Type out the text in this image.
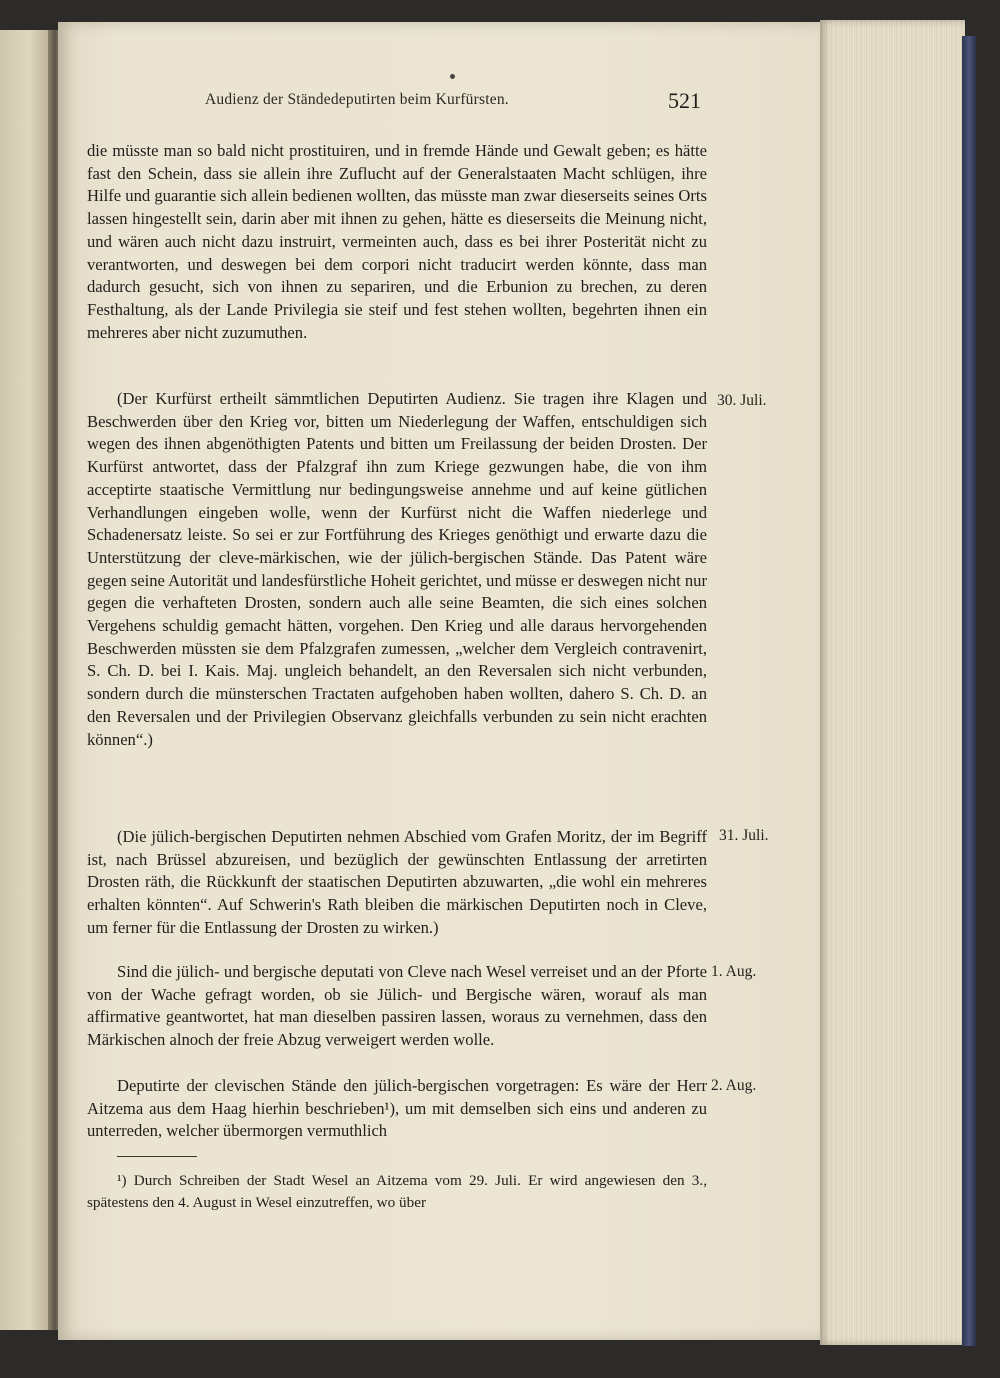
Audienz der Ständedeputirten beim Kurfürsten.	521

die müsste man so bald nicht prostituiren, und in fremde Hände und Gewalt geben; es hätte fast den Schein, dass sie allein ihre Zuflucht auf der Generalstaaten Macht schlügen, ihre Hilfe und guarantie sich allein bedienen wollten, das müsste man zwar dieserseits seines Orts lassen hingestellt sein, darin aber mit ihnen zu gehen, hätte es dieserseits die Meinung nicht, und wären auch nicht dazu instruirt, vermeinten auch, dass es bei ihrer Posterität nicht zu verantworten, und deswegen bei dem corpori nicht traducirt werden könnte, dass man dadurch gesucht, sich von ihnen zu separiren, und die Erbunion zu brechen, zu deren Festhaltung, als der Lande Privilegia sie steif und fest stehen wollten, begehrten ihnen ein mehreres aber nicht zuzumuthen.

(Der Kurfürst ertheilt sämmtlichen Deputirten Audienz. Sie tragen ihre Klagen und Beschwerden über den Krieg vor, bitten um Niederlegung der Waffen, entschuldigen sich wegen des ihnen abgenöthigten Patents und bitten um Freilassung der beiden Drosten. Der Kurfürst antwortet, dass der Pfalzgraf ihn zum Kriege gezwungen habe, die von ihm acceptirte staatische Vermittlung nur bedingungsweise annehme und auf keine gütlichen Verhandlungen eingeben wolle, wenn der Kurfürst nicht die Waffen niederlege und Schadenersatz leiste. So sei er zur Fortführung des Krieges genöthigt und erwarte dazu die Unterstützung der cleve-märkischen, wie der jülich-bergischen Stände. Das Patent wäre gegen seine Autorität und landesfürstliche Hoheit gerichtet, und müsse er deswegen nicht nur gegen die verhafteten Drosten, sondern auch alle seine Beamten, die sich eines solchen Vergehens schuldig gemacht hätten, vorgehen. Den Krieg und alle daraus hervorgehenden Beschwerden müssten sie dem Pfalzgrafen zumessen, „welcher dem Vergleich contravenirt, S. Ch. D. bei I. Kais. Maj. ungleich behandelt, an den Reversalen sich nicht verbunden, sondern durch die münsterschen Tractaten aufgehoben haben wollten, dahero S. Ch. D. an den Reversalen und der Privilegien Observanz gleichfalls verbunden zu sein nicht erachten können“.)

(Die jülich-bergischen Deputirten nehmen Abschied vom Grafen Moritz, der im Begriff ist, nach Brüssel abzureisen, und bezüglich der gewünschten Entlassung der arretirten Drosten räth, die Rückkunft der staatischen Deputirten abzuwarten, „die wohl ein mehreres erhalten könnten“. Auf Schwerin's Rath bleiben die märkischen Deputirten noch in Cleve, um ferner für die Entlassung der Drosten zu wirken.)

Sind die jülich- und bergische deputati von Cleve nach Wesel verreiset und an der Pforte von der Wache gefragt worden, ob sie Jülich- und Bergische wären, worauf als man affirmative geantwortet, hat man dieselben passiren lassen, woraus zu vernehmen, dass den Märkischen alnoch der freie Abzug verweigert werden wolle.

Deputirte der clevischen Stände den jülich-bergischen vorgetragen: Es wäre der Herr Aitzema aus dem Haag hierhin beschrieben¹), um mit demselben sich eins und anderen zu unterreden, welcher übermorgen vermuthlich

30. Juli.
31. Juli.
1. Aug.
2. Aug.

¹) Durch Schreiben der Stadt Wesel an Aitzema vom 29. Juli. Er wird angewiesen den 3., spätestens den 4. August in Wesel einzutreffen, wo über
